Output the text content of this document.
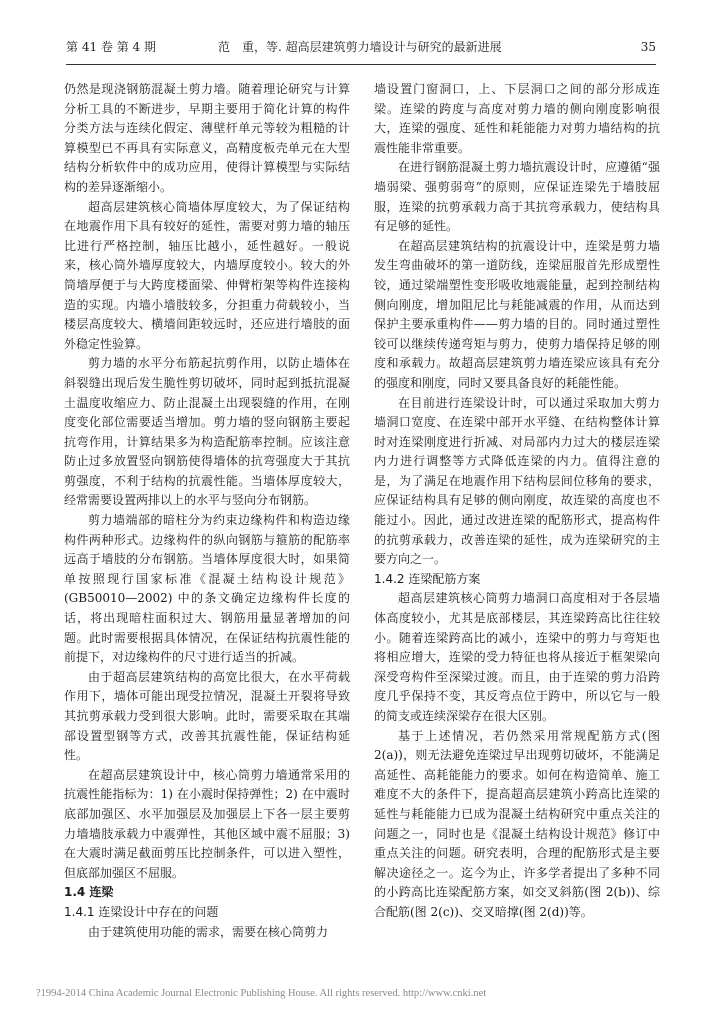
第 41 卷 第 4 期	范　重，等. 超高层建筑剪力墙设计与研究的最新进展	35

仍然是现浇钢筋混凝土剪力墙。随着理论研究与计算分析工具的不断进步，早期主要用于简化计算的构件分类方法与连续化假定、薄壁杆单元等较为粗糙的计算模型已不再具有实际意义，高精度板壳单元在大型结构分析软件中的成功应用，使得计算模型与实际结构的差异逐渐缩小。

超高层建筑核心筒墙体厚度较大，为了保证结构在地震作用下具有较好的延性，需要对剪力墙的轴压比进行严格控制，轴压比越小，延性越好。一般说来，核心筒外墙厚度较大，内墙厚度较小。较大的外筒墙厚便于与大跨度楼面梁、伸臂桁架等构件连接构造的实现。内墙小墙肢较多，分担重力荷载较小，当楼层高度较大、横墙间距较远时，还应进行墙肢的面外稳定性验算。

剪力墙的水平分布筋起抗剪作用，以防止墙体在斜裂缝出现后发生脆性剪切破坏，同时起到抵抗混凝土温度收缩应力、防止混凝土出现裂缝的作用，在刚度变化部位需要适当增加。剪力墙的竖向钢筋主要起抗弯作用，计算结果多为构造配筋率控制。应该注意防止过多放置竖向钢筋使得墙体的抗弯强度大于其抗剪强度，不利于结构的抗震性能。当墙体厚度较大，经常需要设置两排以上的水平与竖向分布钢筋。

剪力墙端部的暗柱分为约束边缘构件和构造边缘构件两种形式。边缘构件的纵向钢筋与箍筋的配筋率远高于墙肢的分布钢筋。当墙体厚度很大时，如果简单按照现行国家标准《混凝土结构设计规范》(GB50010—2002) 中的条文确定边缘构件长度的话，将出现暗柱面积过大、钢筋用量显著增加的问题。此时需要根据具体情况，在保证结构抗震性能的前提下，对边缘构件的尺寸进行适当的折减。

由于超高层建筑结构的高宽比很大，在水平荷载作用下，墙体可能出现受拉情况，混凝土开裂将导致其抗剪承载力受到很大影响。此时，需要采取在其端部设置型钢等方式，改善其抗震性能，保证结构延性。

在超高层建筑设计中，核心筒剪力墙通常采用的抗震性能指标为：1) 在小震时保持弹性；2) 在中震时底部加强区、水平加强层及加强层上下各一层主要剪力墙墙肢承载力中震弹性，其他区域中震不屈服；3) 在大震时满足截面剪压比控制条件，可以进入塑性，但底部加强区不屈服。

1.4 连梁

1.4.1 连梁设计中存在的问题

由于建筑使用功能的需求，需要在核心筒剪力

墙设置门窗洞口，上、下层洞口之间的部分形成连梁。连梁的跨度与高度对剪力墙的侧向刚度影响很大，连梁的强度、延性和耗能能力对剪力墙结构的抗震性能非常重要。

在进行钢筋混凝土剪力墙抗震设计时，应遵循“强墙弱梁、强剪弱弯”的原则，应保证连梁先于墙肢屈服，连梁的抗剪承载力高于其抗弯承载力，使结构具有足够的延性。

在超高层建筑结构的抗震设计中，连梁是剪力墙发生弯曲破坏的第一道防线，连梁屈服首先形成塑性铰，通过梁端塑性变形吸收地震能量，起到控制结构侧向刚度，增加阻尼比与耗能减震的作用，从而达到保护主要承重构件——剪力墙的目的。同时通过塑性铰可以继续传递弯矩与剪力，使剪力墙保持足够的刚度和承载力。故超高层建筑剪力墙连梁应该具有充分的强度和刚度，同时又要具备良好的耗能性能。

在目前进行连梁设计时，可以通过采取加大剪力墙洞口宽度、在连梁中部开水平缝、在结构整体计算时对连梁刚度进行折减、对局部内力过大的楼层连梁内力进行调整等方式降低连梁的内力。值得注意的是，为了满足在地震作用下结构层间位移角的要求，应保证结构具有足够的侧向刚度，故连梁的高度也不能过小。因此，通过改进连梁的配筋形式，提高构件的抗剪承载力，改善连梁的延性，成为连梁研究的主要方向之一。

1.4.2 连梁配筋方案

超高层建筑核心筒剪力墙洞口高度相对于各层墙体高度较小，尤其是底部楼层，其连梁跨高比往往较小。随着连梁跨高比的减小，连梁中的剪力与弯矩也将相应增大，连梁的受力特征也将从接近于框架梁向深受弯构件至深梁过渡。而且，由于连梁的剪力沿跨度几乎保持不变，其反弯点位于跨中，所以它与一般的简支或连续深梁存在很大区别。

基于上述情况，若仍然采用常规配筋方式(图 2(a))，则无法避免连梁过早出现剪切破坏，不能满足高延性、高耗能能力的要求。如何在构造简单、施工难度不大的条件下，提高超高层建筑小跨高比连梁的延性与耗能能力已成为混凝土结构研究中重点关注的问题之一，同时也是《混凝土结构设计规范》修订中重点关注的问题。研究表明，合理的配筋形式是主要解决途径之一。迄今为止，许多学者提出了多种不同的小跨高比连梁配筋方案，如交叉斜筋(图 2(b))、综合配筋(图 2(c))、交叉暗撑(图 2(d))等。

?1994-2014 China Academic Journal Electronic Publishing House. All rights reserved. http://www.cnki.net
